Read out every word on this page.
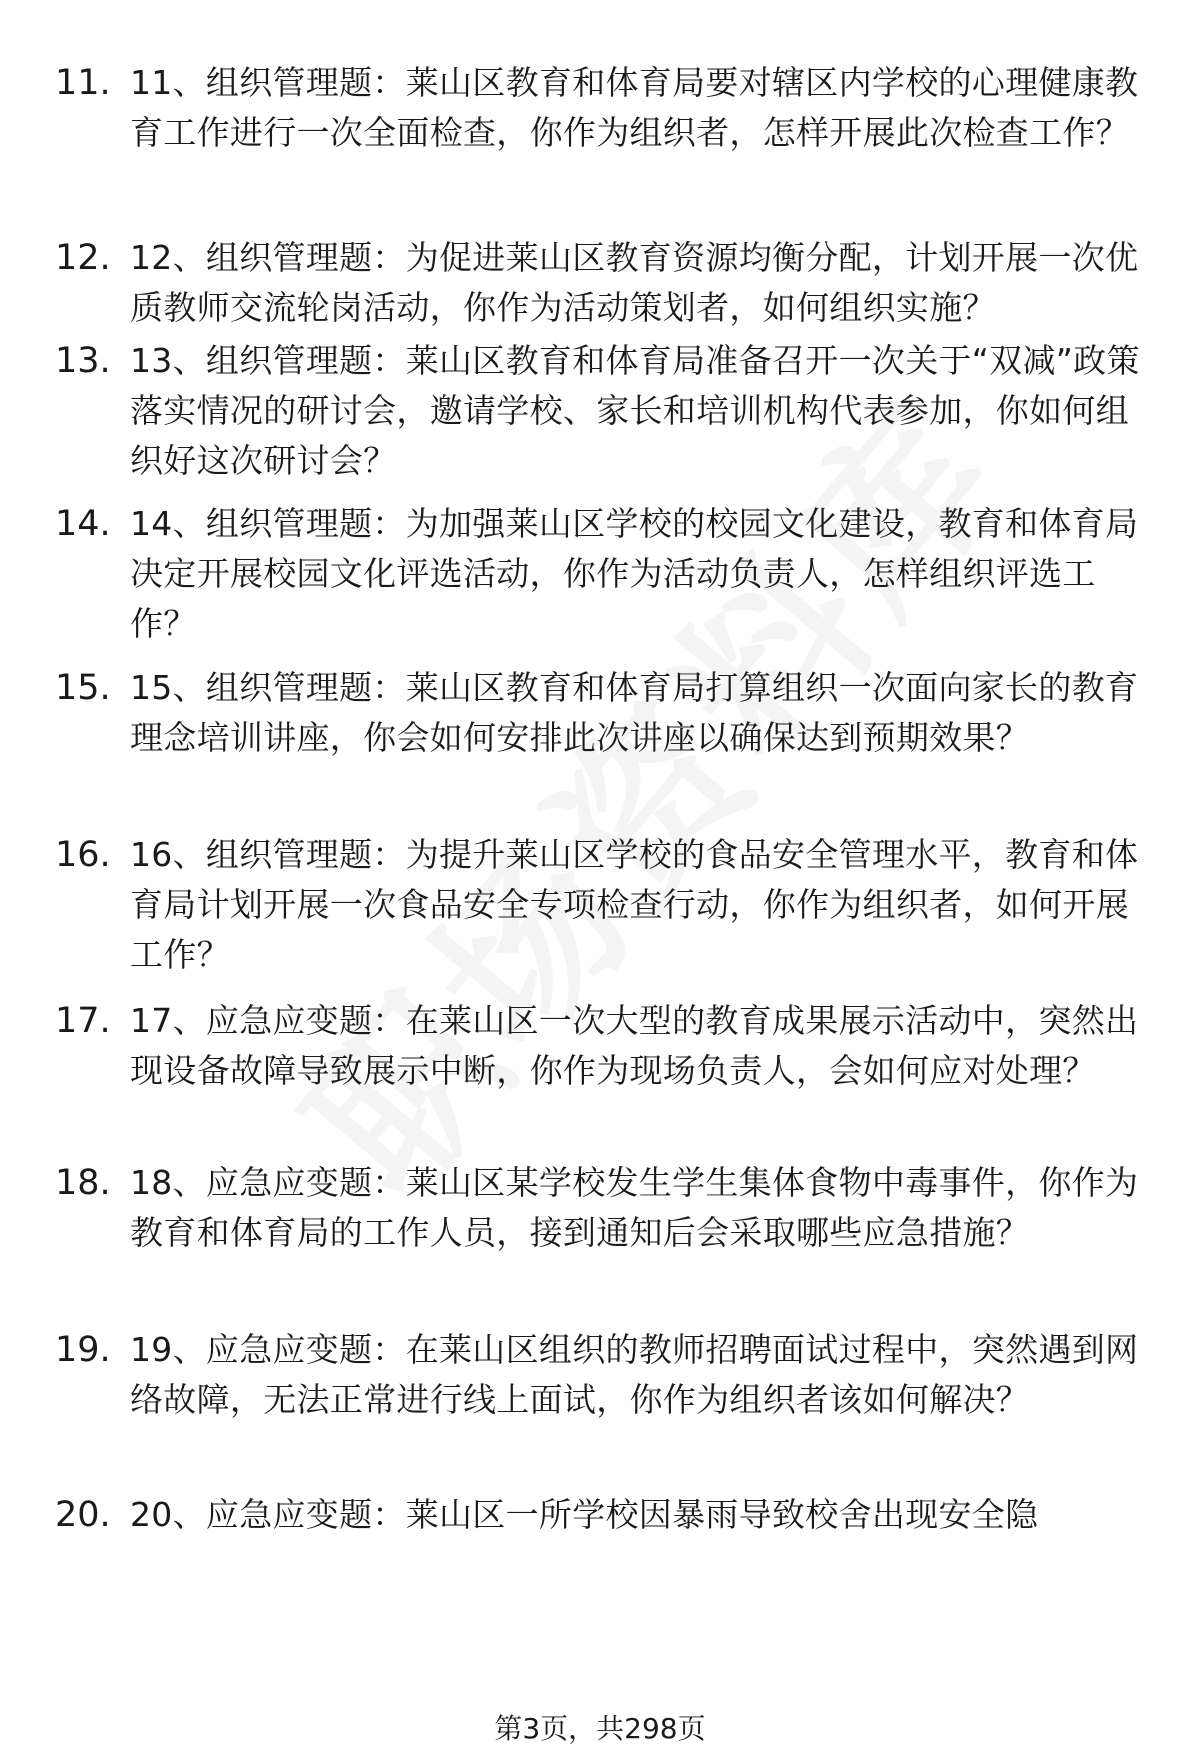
11. 11、组织管理题：莱山区教育和体育局要对辖区内学校的心理健康教育工作进行一次全面检查，你作为组织者，怎样开展此次检查工作？
12. 12、组织管理题：为促进莱山区教育资源均衡分配，计划开展一次优质教师交流轮岗活动，你作为活动策划者，如何组织实施？
13. 13、组织管理题：莱山区教育和体育局准备召开一次关于“双减”政策落实情况的研讨会，邀请学校、家长和培训机构代表参加，你如何组织好这次研讨会？
14. 14、组织管理题：为加强莱山区学校的校园文化建设，教育和体育局决定开展校园文化评选活动，你作为活动负责人，怎样组织评选工作？
15. 15、组织管理题：莱山区教育和体育局打算组织一次面向家长的教育理念培训讲座，你会如何安排此次讲座以确保达到预期效果？
16. 16、组织管理题：为提升莱山区学校的食品安全管理水平，教育和体育局计划开展一次食品安全专项检查行动，你作为组织者，如何开展工作？
17. 17、应急应变题：在莱山区一次大型的教育成果展示活动中，突然出现设备故障导致展示中断，你作为现场负责人，会如何应对处理？
18. 18、应急应变题：莱山区某学校发生学生集体食物中毒事件，你作为教育和体育局的工作人员，接到通知后会采取哪些应急措施？
19. 19、应急应变题：在莱山区组织的教师招聘面试过程中，突然遇到网络故障，无法正常进行线上面试，你作为组织者该如何解决？
20. 20、应急应变题：莱山区一所学校因暴雨导致校舍出现安全隐
第3页，共298页
